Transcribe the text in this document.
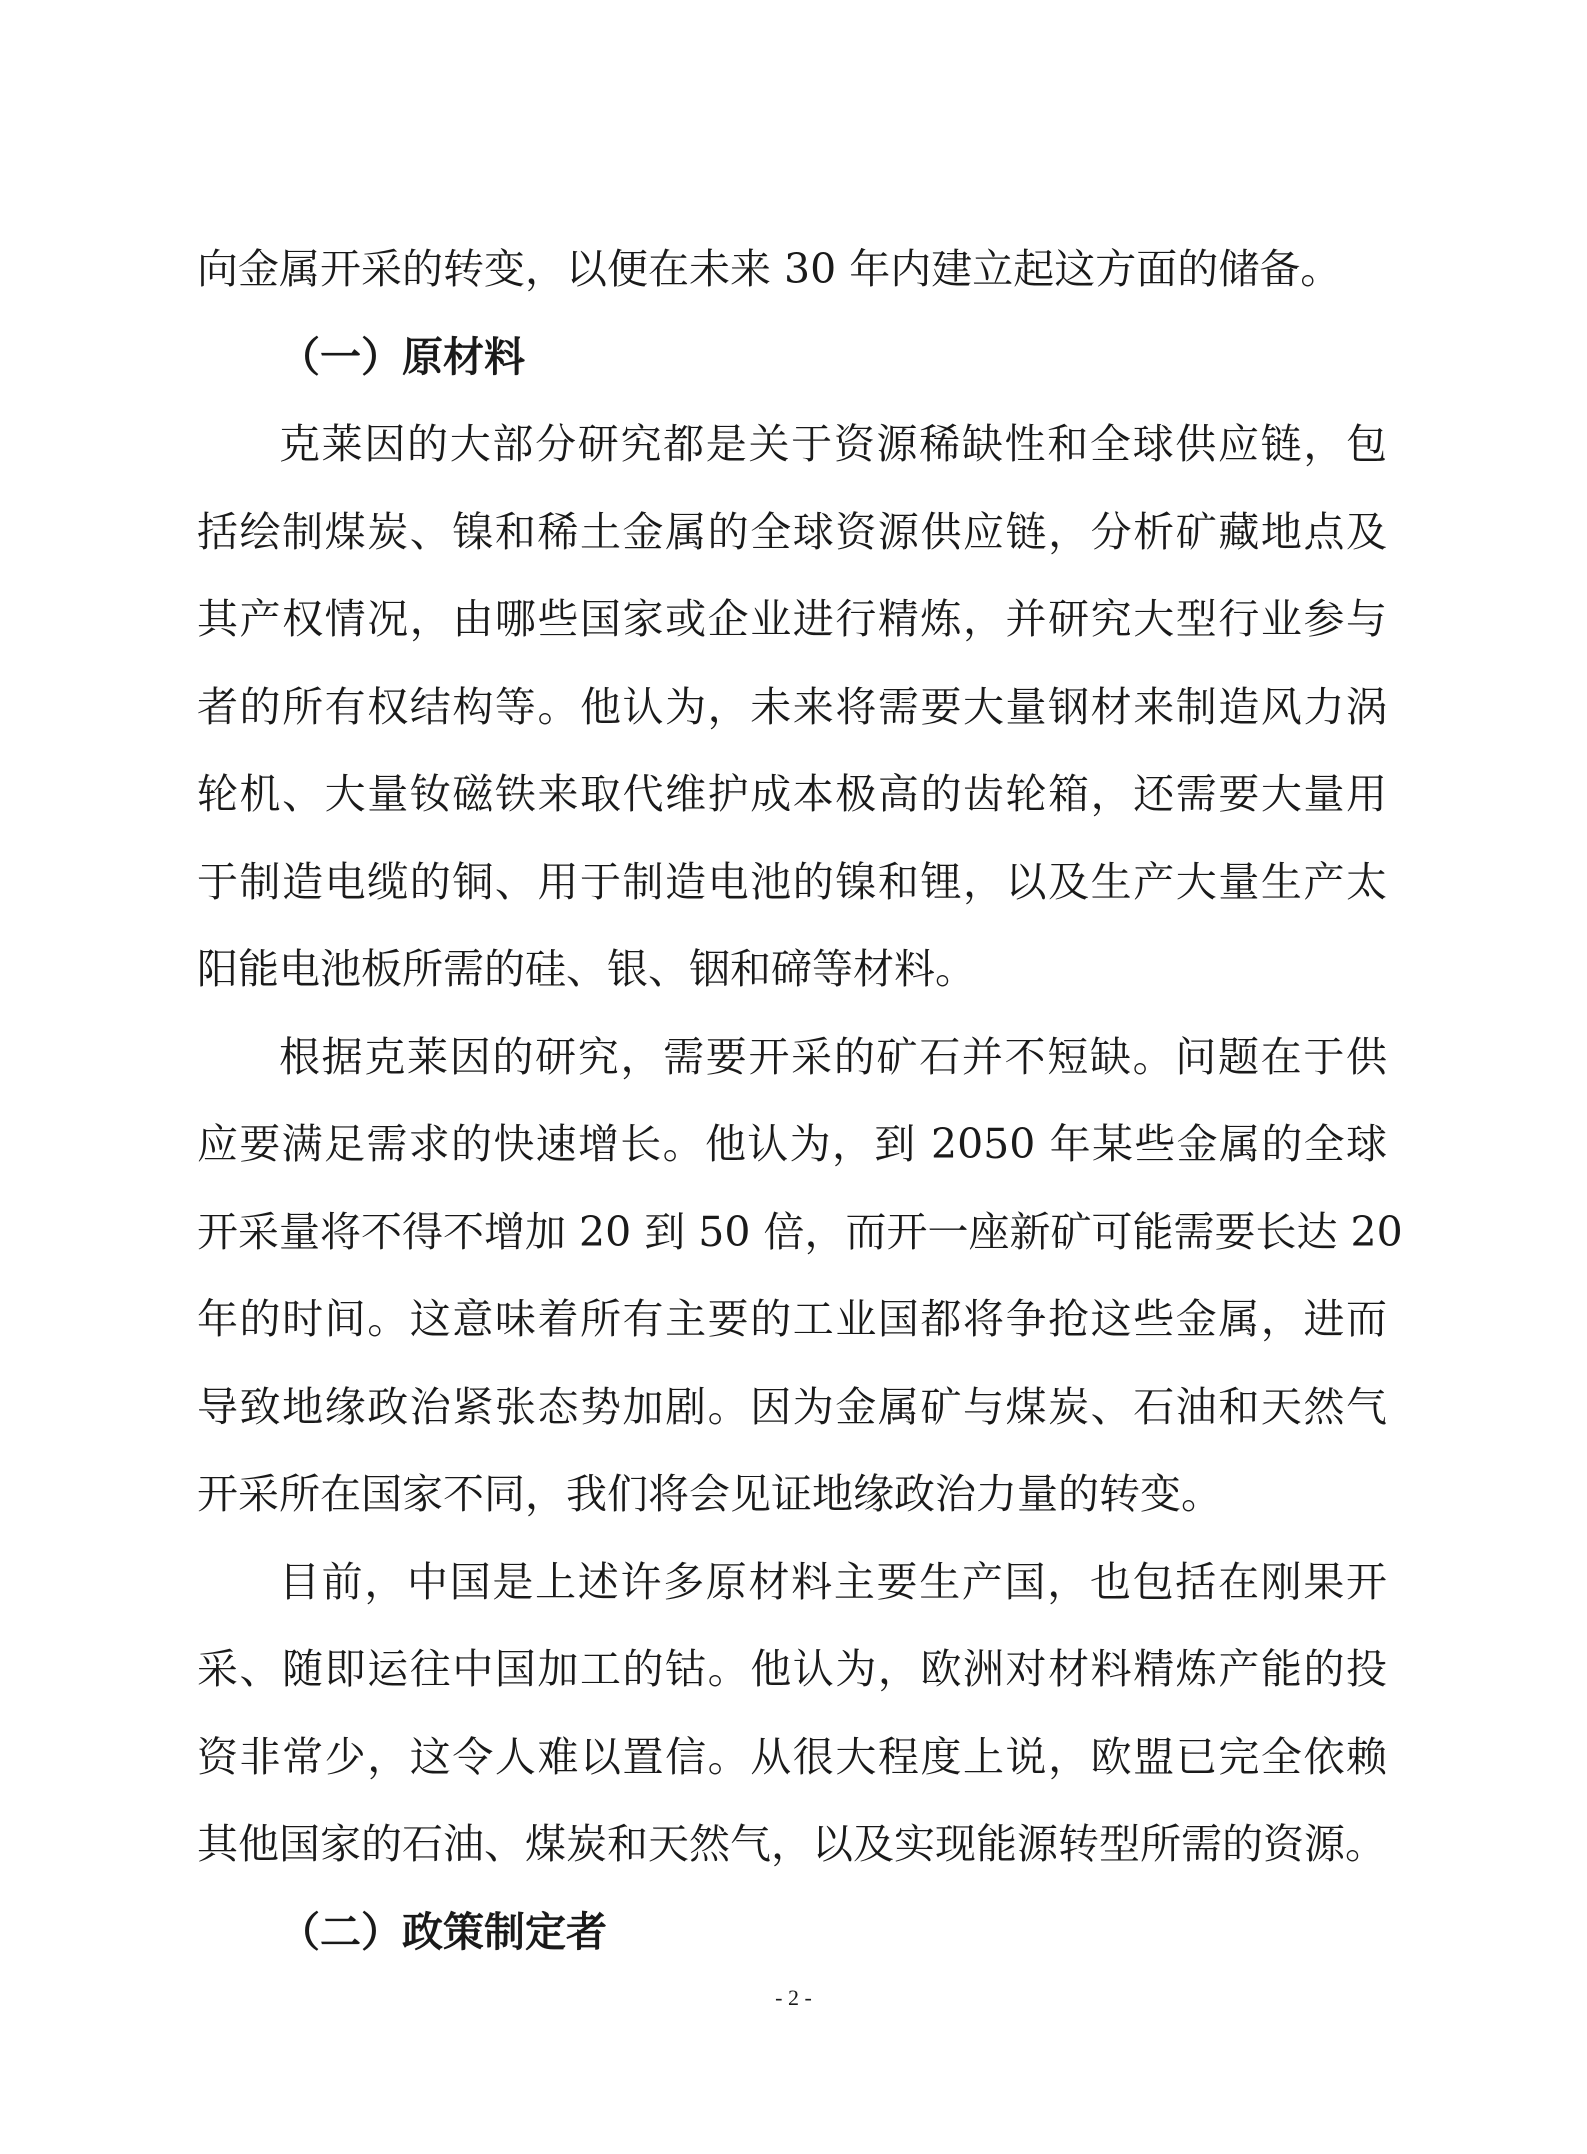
向金属开采的转变，以便在未来 30 年内建立起这方面的储备。
（一）原材料
克莱因的大部分研究都是关于资源稀缺性和全球供应链，包
括绘制煤炭、镍和稀土金属的全球资源供应链，分析矿藏地点及
其产权情况，由哪些国家或企业进行精炼，并研究大型行业参与
者的所有权结构等。他认为，未来将需要大量钢材来制造风力涡
轮机、大量钕磁铁来取代维护成本极高的齿轮箱，还需要大量用
于制造电缆的铜、用于制造电池的镍和锂，以及生产大量生产太
阳能电池板所需的硅、银、铟和碲等材料。
根据克莱因的研究，需要开采的矿石并不短缺。问题在于供
应要满足需求的快速增长。他认为，到 2050 年某些金属的全球
开采量将不得不增加 20 到 50 倍，而开一座新矿可能需要长达 20
年的时间。这意味着所有主要的工业国都将争抢这些金属，进而
导致地缘政治紧张态势加剧。因为金属矿与煤炭、石油和天然气
开采所在国家不同，我们将会见证地缘政治力量的转变。
目前，中国是上述许多原材料主要生产国，也包括在刚果开
采、随即运往中国加工的钴。他认为，欧洲对材料精炼产能的投
资非常少，这令人难以置信。从很大程度上说，欧盟已完全依赖
其他国家的石油、煤炭和天然气，以及实现能源转型所需的资源。
（二）政策制定者
- 2 -
